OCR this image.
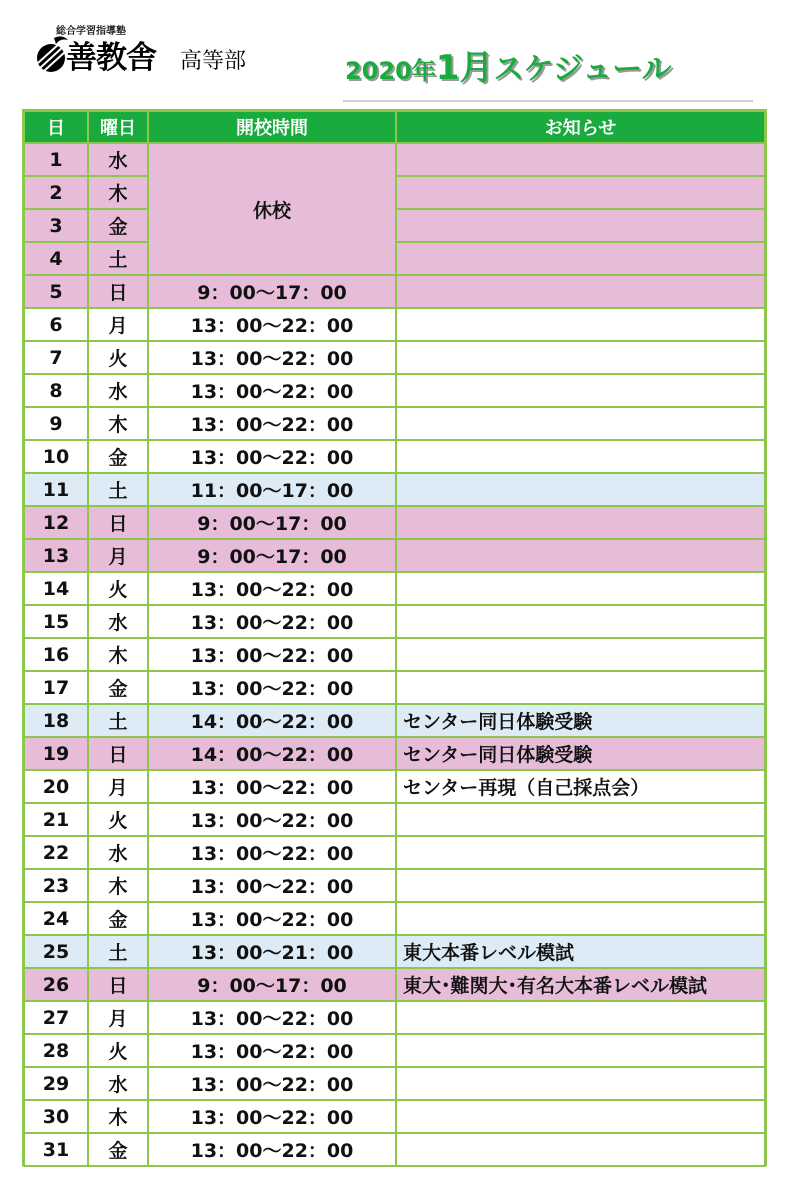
総合学習指導塾
善教舎 高等部	2020年1月スケジュール
日	曜日	開校時間	お知らせ
1	水	休校	
2	木		
3	金		
4	土		
5	日	9：00～17：00	
6	月	13：00～22：00	
7	火	13：00～22：00	
8	水	13：00～22：00	
9	木	13：00～22：00	
10	金	13：00～22：00	
11	土	11：00～17：00	
12	日	9：00～17：00	
13	月	9：00～17：00	
14	火	13：00～22：00	
15	水	13：00～22：00	
16	木	13：00～22：00	
17	金	13：00～22：00	
18	土	14：00～22：00	センター同日体験受験
19	日	14：00～22：00	センター同日体験受験
20	月	13：00～22：00	センター再現（自己採点会）
21	火	13：00～22：00	
22	水	13：00～22：00	
23	木	13：00～22：00	
24	金	13：00～22：00	
25	土	13：00～21：00	東大本番レベル模試
26	日	9：00～17：00	東大･難関大･有名大本番レベル模試
27	月	13：00～22：00	
28	火	13：00～22：00	
29	水	13：00～22：00	
30	木	13：00～22：00	
31	金	13：00～22：00	
